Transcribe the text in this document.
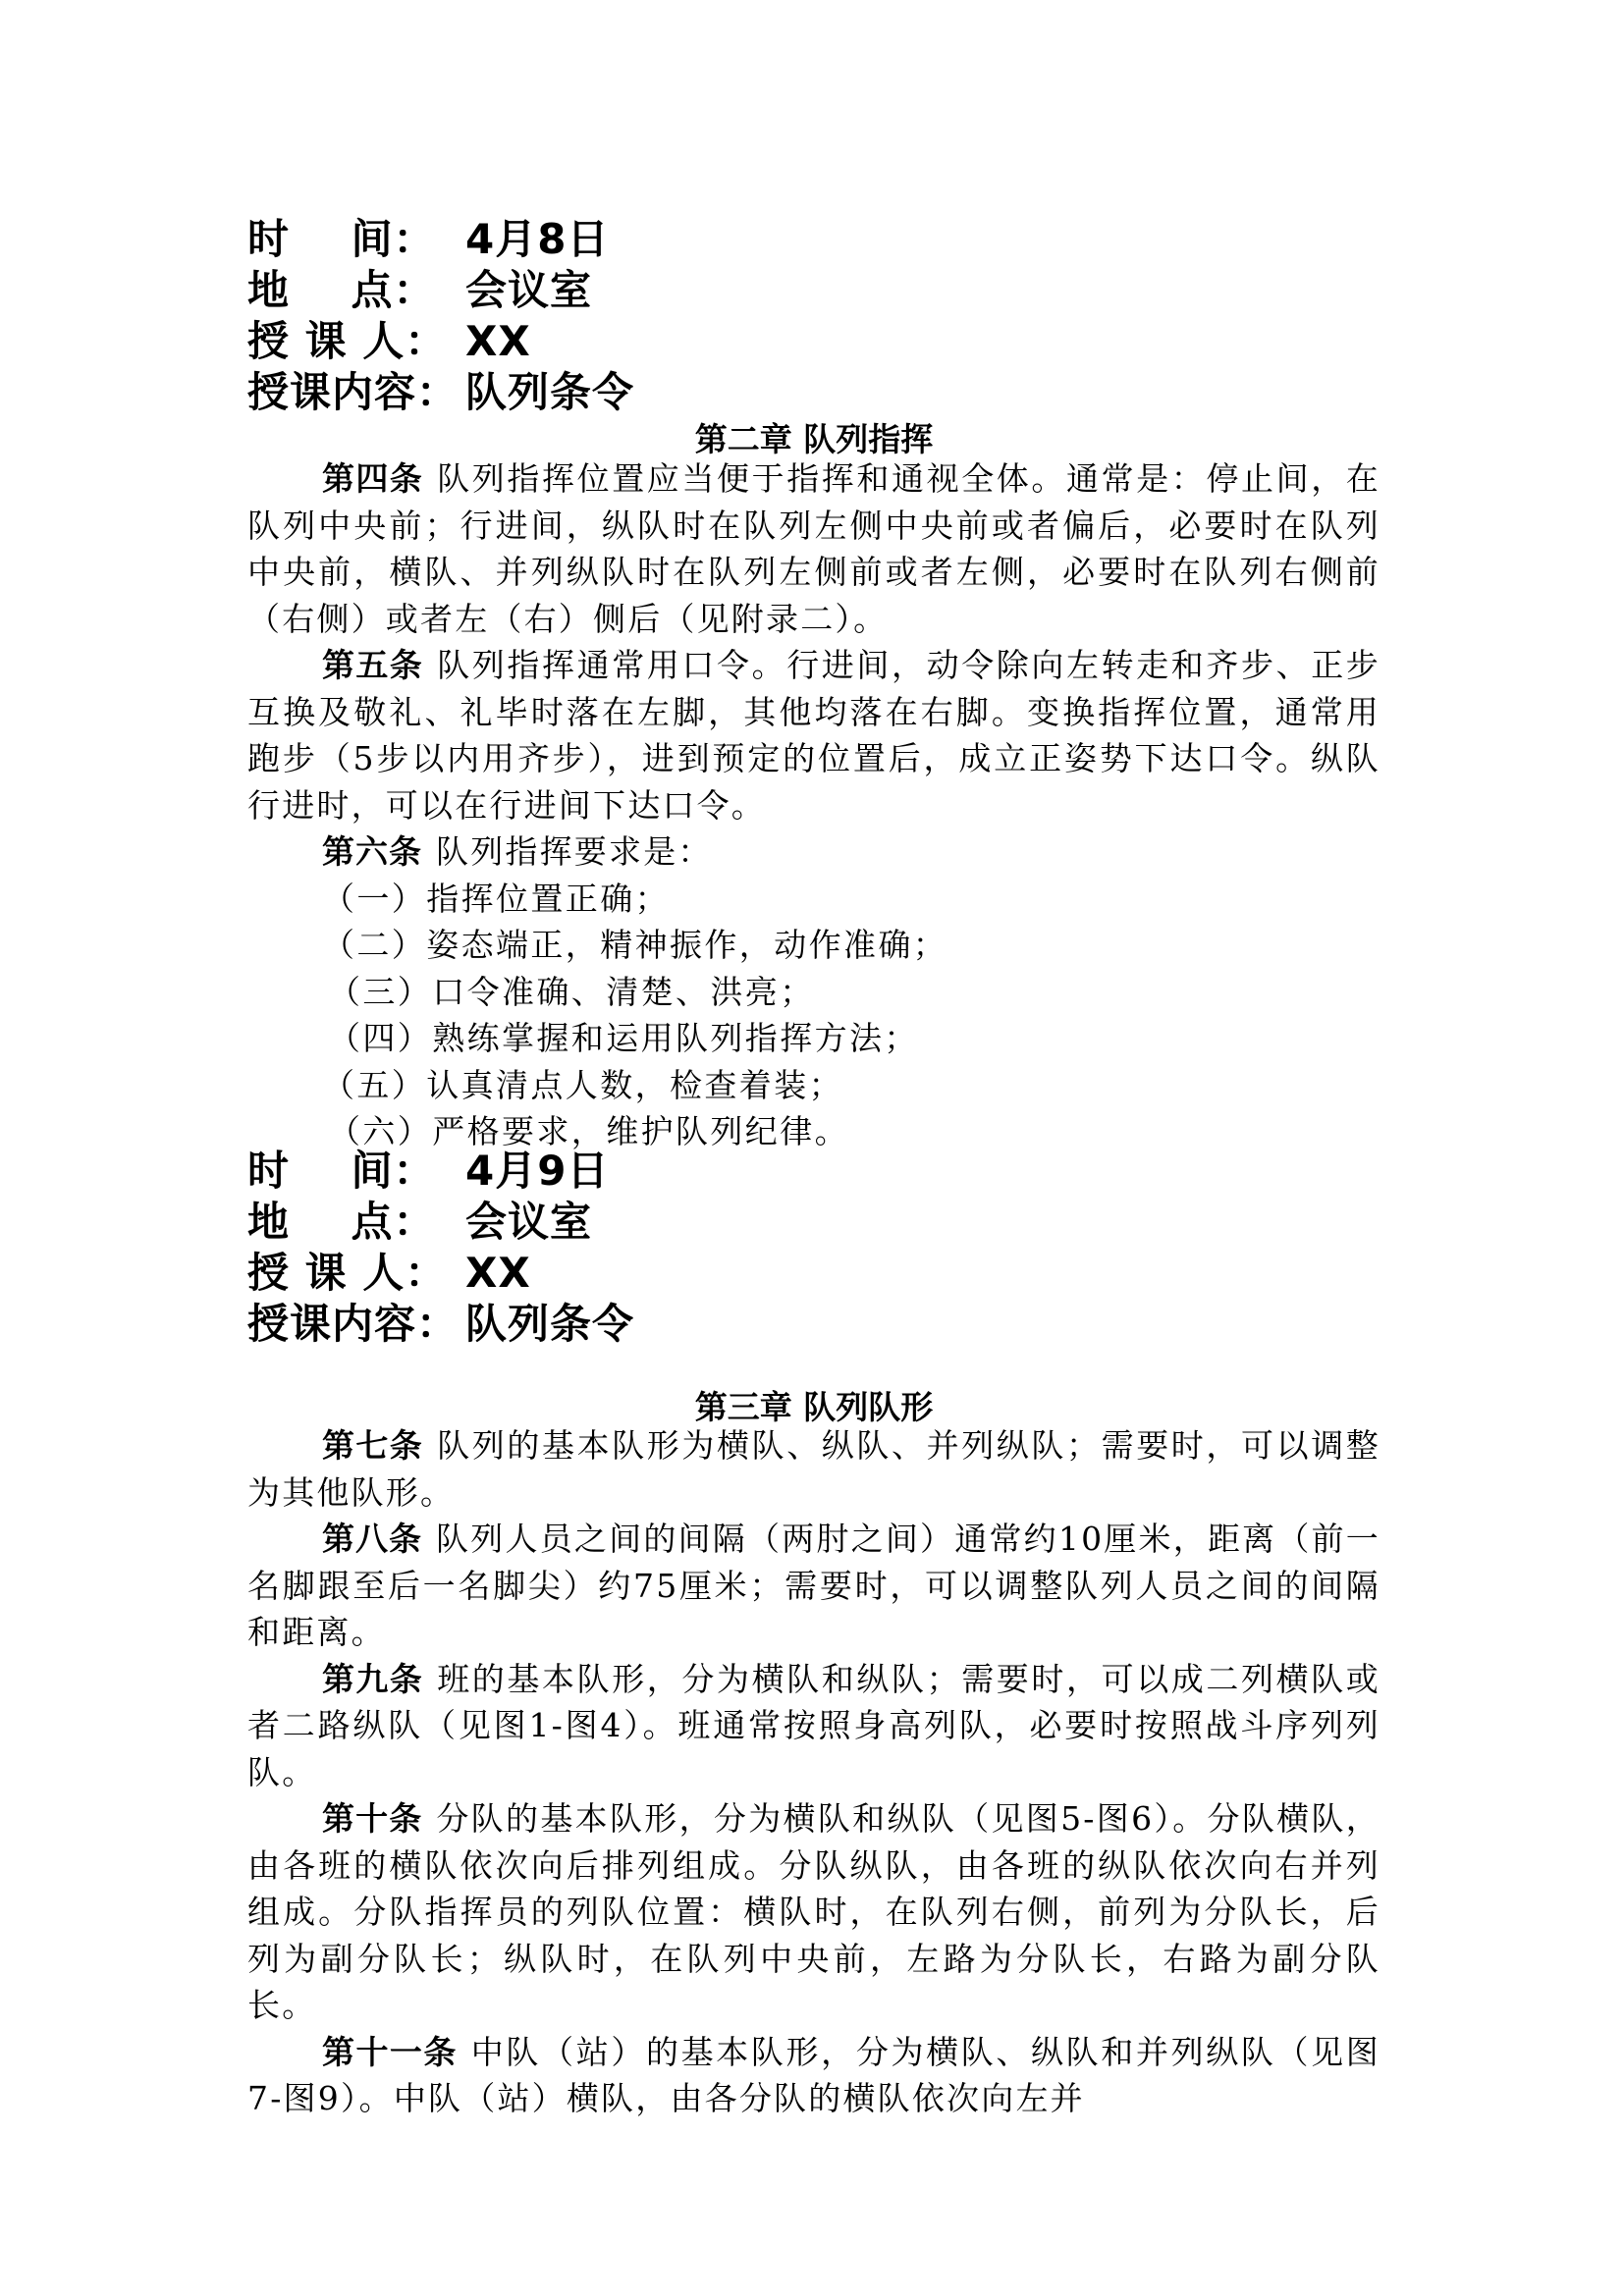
时    间： 4月8日
地    点： 会议室
授 课 人： XX
授课内容： 队列条令
第二章 队列指挥

第四条 队列指挥位置应当便于指挥和通视全体。通常是：停止间，在队列中央前；行进间，纵队时在队列左侧中央前或者偏后，必要时在队列中央前，横队、并列纵队时在队列左侧前或者左侧，必要时在队列右侧前（右侧）或者左（右）侧后（见附录二）。

第五条 队列指挥通常用口令。行进间，动令除向左转走和齐步、正步互换及敬礼、礼毕时落在左脚，其他均落在右脚。变换指挥位置，通常用跑步（5步以内用齐步），进到预定的位置后，成立正姿势下达口令。纵队行进时，可以在行进间下达口令。

第六条 队列指挥要求是：

（一）指挥位置正确；

（二）姿态端正，精神振作，动作准确；

（三）口令准确、清楚、洪亮；

（四）熟练掌握和运用队列指挥方法；

（五）认真清点人数，检查着装；

（六）严格要求，维护队列纪律。

时    间： 4月9日
地    点： 会议室
授 课 人： XX
授课内容： 队列条令
第三章 队列队形

第七条 队列的基本队形为横队、纵队、并列纵队；需要时，可以调整为其他队形。

第八条 队列人员之间的间隔（两肘之间）通常约10厘米，距离（前一名脚跟至后一名脚尖）约75厘米；需要时，可以调整队列人员之间的间隔和距离。

第九条 班的基本队形，分为横队和纵队；需要时，可以成二列横队或者二路纵队（见图1-图4）。班通常按照身高列队，必要时按照战斗序列列队。

第十条 分队的基本队形，分为横队和纵队（见图5-图6）。分队横队，由各班的横队依次向后排列组成。分队纵队，由各班的纵队依次向右并列组成。分队指挥员的列队位置：横队时，在队列右侧，前列为分队长，后列为副分队长；纵队时，在队列中央前，左路为分队长，右路为副分队长。

第十一条 中队（站）的基本队形，分为横队、纵队和并列纵队（见图7-图9）。中队（站）横队，由各分队的横队依次向左并
